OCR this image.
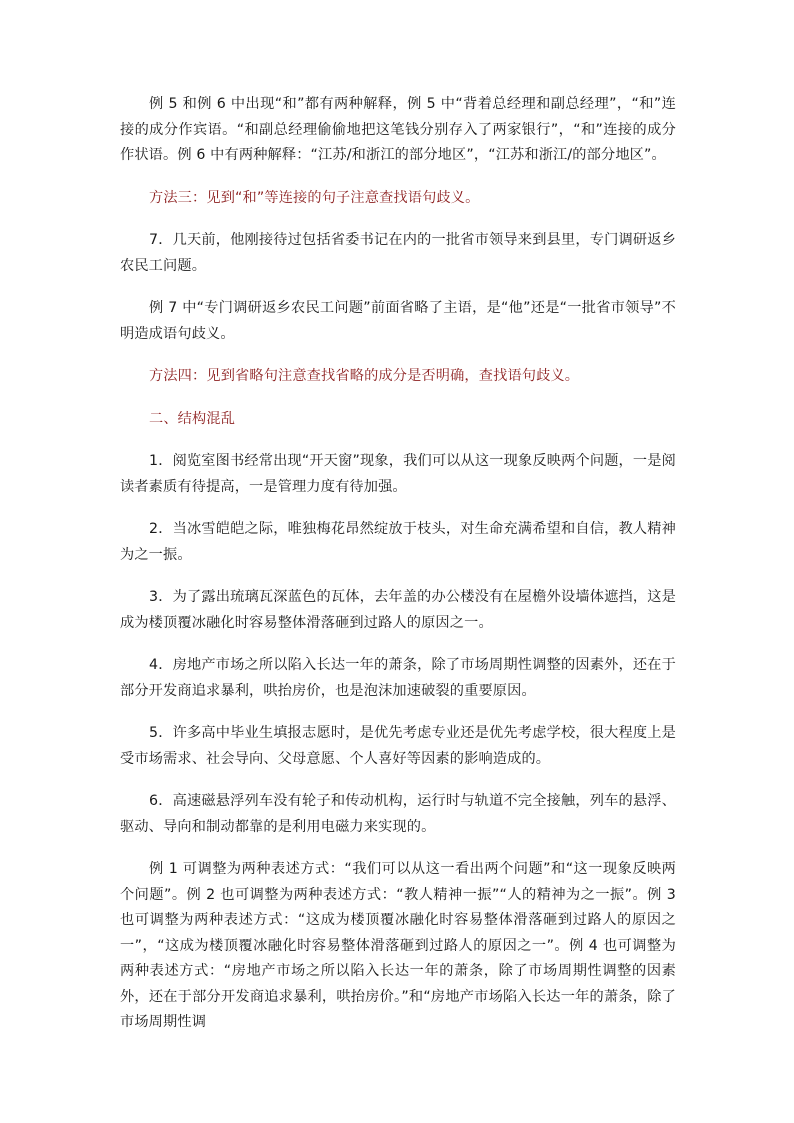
例 5 和例 6 中出现“和”都有两种解释，例 5 中“背着总经理和副总经理”，“和”连接的成分作宾语。“和副总经理偷偷地把这笔钱分别存入了两家银行”，“和”连接的成分作状语。例 6 中有两种解释：“江苏/和浙江的部分地区”，“江苏和浙江/的部分地区”。

方法三：见到“和”等连接的句子注意查找语句歧义。

7．几天前，他刚接待过包括省委书记在内的一批省市领导来到县里，专门调研返乡农民工问题。

例 7 中“专门调研返乡农民工问题”前面省略了主语，是“他”还是“一批省市领导”不明造成语句歧义。

方法四：见到省略句注意查找省略的成分是否明确，查找语句歧义。

二、结构混乱

1．阅览室图书经常出现“开天窗”现象，我们可以从这一现象反映两个问题，一是阅读者素质有待提高，一是管理力度有待加强。

2．当冰雪皑皑之际，唯独梅花昂然绽放于枝头，对生命充满希望和自信，教人精神为之一振。

3．为了露出琉璃瓦深蓝色的瓦体，去年盖的办公楼没有在屋檐外设墙体遮挡，这是成为楼顶覆冰融化时容易整体滑落砸到过路人的原因之一。

4．房地产市场之所以陷入长达一年的萧条，除了市场周期性调整的因素外，还在于部分开发商追求暴利，哄抬房价，也是泡沫加速破裂的重要原因。

5．许多高中毕业生填报志愿时，是优先考虑专业还是优先考虑学校，很大程度上是受市场需求、社会导向、父母意愿、个人喜好等因素的影响造成的。

6．高速磁悬浮列车没有轮子和传动机构，运行时与轨道不完全接触，列车的悬浮、驱动、导向和制动都靠的是利用电磁力来实现的。

例 1 可调整为两种表述方式：“我们可以从这一看出两个问题”和“这一现象反映两个问题”。例 2 也可调整为两种表述方式：“教人精神一振”“人的精神为之一振”。例 3 也可调整为两种表述方式：“这成为楼顶覆冰融化时容易整体滑落砸到过路人的原因之一”，“这成为楼顶覆冰融化时容易整体滑落砸到过路人的原因之一”。例 4 也可调整为两种表述方式：“房地产市场之所以陷入长达一年的萧条，除了市场周期性调整的因素外，还在于部分开发商追求暴利，哄抬房价。”和“房地产市场陷入长达一年的萧条，除了市场周期性调
